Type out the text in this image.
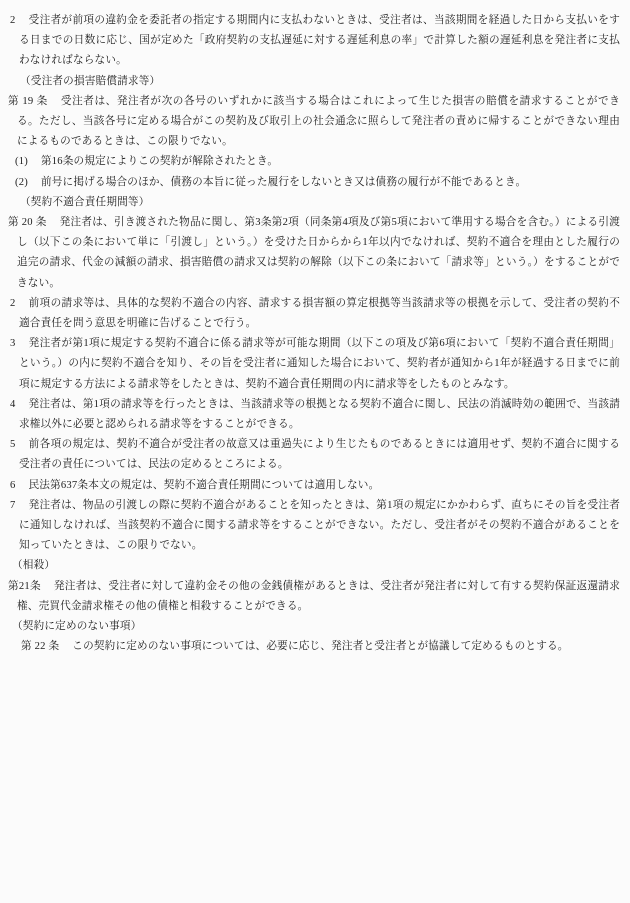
2 受注者が前項の違約金を委託者の指定する期間内に支払わないときは、受注者は、当該期間を経過した日から支払いをする日までの日数に応じ、国が定めた「政府契約の支払遅延に対する遅延利息の率」で計算した額の遅延利息を発注者に支払わなければならない。

（受注者の損害賠償請求等）

第 19 条 受注者は、発注者が次の各号のいずれかに該当する場合はこれによって生じた損害の賠償を請求することができる。ただし、当該各号に定める場合がこの契約及び取引上の社会通念に照らして発注者の責めに帰することができない理由によるものであるときは、この限りでない。

(1) 第16条の規定によりこの契約が解除されたとき。

(2) 前号に掲げる場合のほか、債務の本旨に従った履行をしないとき又は債務の履行が不能であるとき。

（契約不適合責任期間等）

第 20 条 発注者は、引き渡された物品に関し、第3条第2項（同条第4項及び第5項において準用する場合を含む。）による引渡し（以下この条において単に「引渡し」という。）を受けた日からから1年以内でなければ、契約不適合を理由とした履行の追完の請求、代金の減額の請求、損害賠償の請求又は契約の解除（以下この条において「請求等」という。）をすることができない。

2 前項の請求等は、具体的な契約不適合の内容、請求する損害額の算定根拠等当該請求等の根拠を示して、受注者の契約不適合責任を問う意思を明確に告げることで行う。

3 発注者が第1項に規定する契約不適合に係る請求等が可能な期間（以下この項及び第6項において「契約不適合責任期間」という。）の内に契約不適合を知り、その旨を受注者に通知した場合において、契約者が通知から1年が経過する日までに前項に規定する方法による請求等をしたときは、契約不適合責任期間の内に請求等をしたものとみなす。

4 発注者は、第1項の請求等を行ったときは、当該請求等の根拠となる契約不適合に関し、民法の消滅時効の範囲で、当該請求権以外に必要と認められる請求等をすることができる。

5 前各項の規定は、契約不適合が受注者の故意又は重過失により生じたものであるときには適用せず、契約不適合に関する受注者の責任については、民法の定めるところによる。

6 民法第637条本文の規定は、契約不適合責任期間については適用しない。

7 発注者は、物品の引渡しの際に契約不適合があることを知ったときは、第1項の規定にかかわらず、直ちにその旨を受注者に通知しなければ、当該契約不適合に関する請求等をすることができない。ただし、受注者がその契約不適合があることを知っていたときは、この限りでない。

（相殺）

第21条 発注者は、受注者に対して違約金その他の金銭債権があるときは、受注者が発注者に対して有する契約保証返還請求権、売買代金請求権その他の債権と相殺することができる。

（契約に定めのない事項）

第 22 条 この契約に定めのない事項については、必要に応じ、発注者と受注者とが協議して定めるものとする。
